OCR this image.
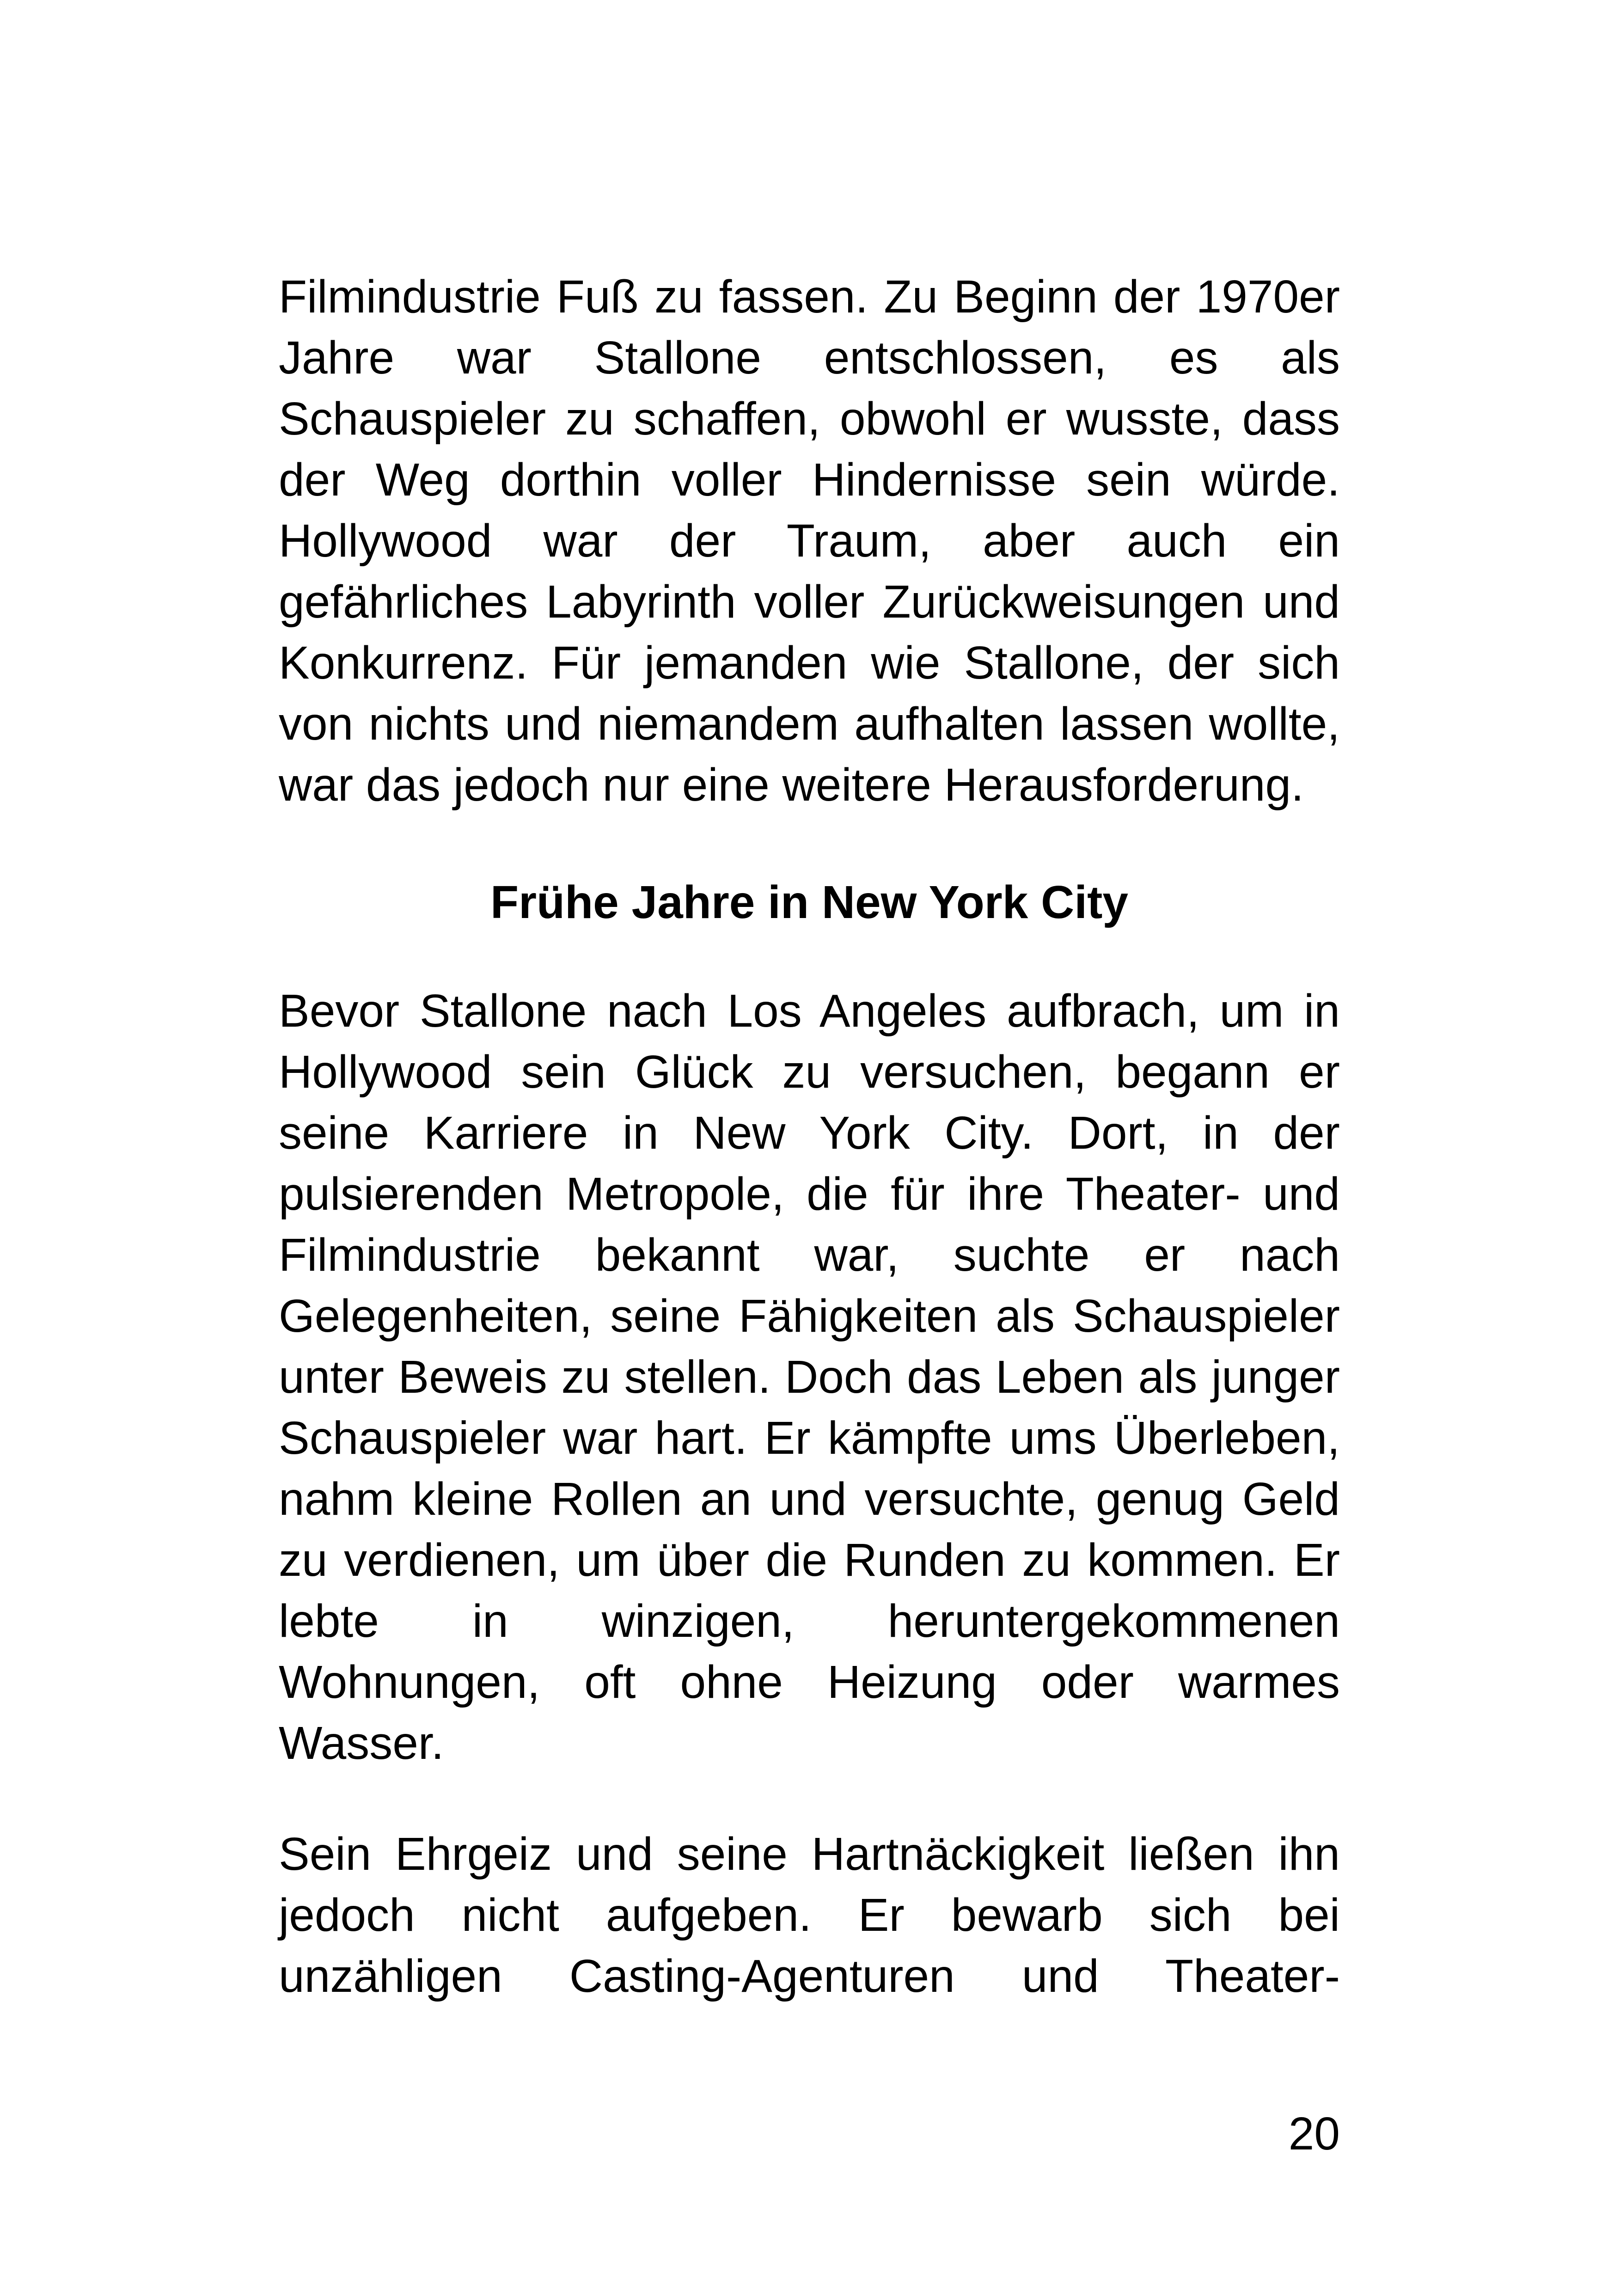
Filmindustrie Fuß zu fassen. Zu Beginn der 1970er
Jahre war Stallone entschlossen, es als
Schauspieler zu schaffen, obwohl er wusste, dass
der Weg dorthin voller Hindernisse sein würde.
Hollywood war der Traum, aber auch ein
gefährliches Labyrinth voller Zurückweisungen und
Konkurrenz. Für jemanden wie Stallone, der sich
von nichts und niemandem aufhalten lassen wollte,
war das jedoch nur eine weitere Herausforderung.
Frühe Jahre in New York City
Bevor Stallone nach Los Angeles aufbrach, um in
Hollywood sein Glück zu versuchen, begann er
seine Karriere in New York City. Dort, in der
pulsierenden Metropole, die für ihre Theater- und
Filmindustrie bekannt war, suchte er nach
Gelegenheiten, seine Fähigkeiten als Schauspieler
unter Beweis zu stellen. Doch das Leben als junger
Schauspieler war hart. Er kämpfte ums Überleben,
nahm kleine Rollen an und versuchte, genug Geld
zu verdienen, um über die Runden zu kommen. Er
lebte in winzigen, heruntergekommenen
Wohnungen, oft ohne Heizung oder warmes
Wasser.
Sein Ehrgeiz und seine Hartnäckigkeit ließen ihn
jedoch nicht aufgeben. Er bewarb sich bei
unzähligen Casting-Agenturen und Theater-
20
